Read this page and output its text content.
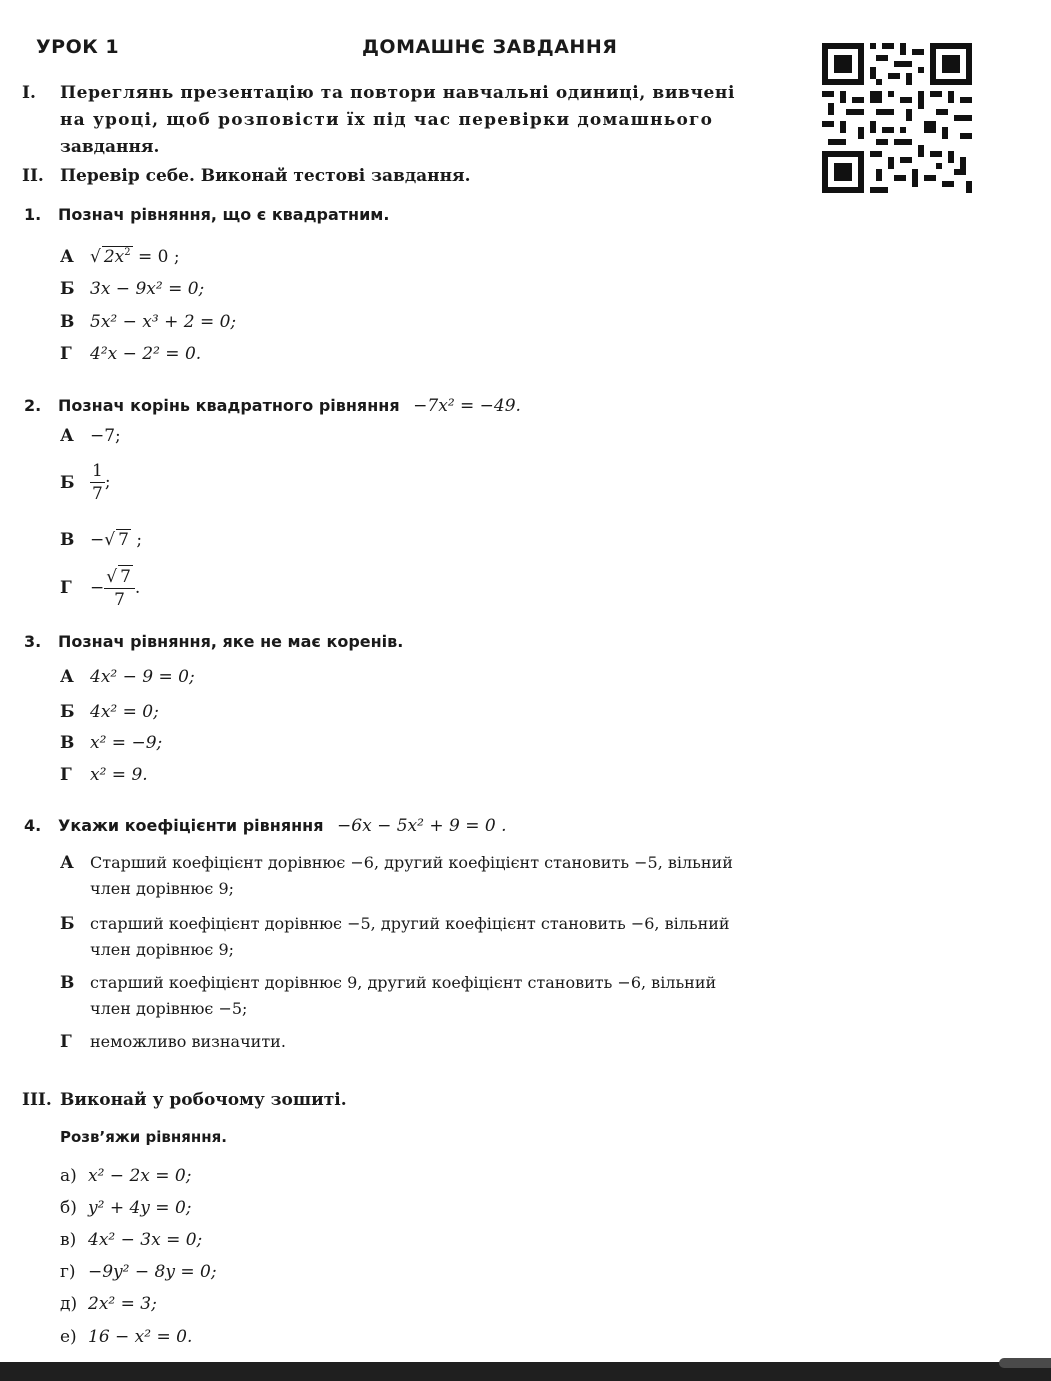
УРОК 1	ДОМАШНЄ ЗАВДАННЯ
I. Переглянь презентацію та повтори навчальні одиниці, вивчені
на уроці, щоб розповісти їх під час перевірки домашнього
завдання.
II. Перевір себе. Виконай тестові завдання.
1. Познач рівняння, що є квадратним.
А √ $2x^2 = 0$ ;
Б 3x − 9x² = 0;
В 5x² − x³ + 2 = 0;
Г 4²x − 2² = 0.
2. Познач корінь квадратного рівняння −7x² = −49.
А −7;
Б $\frac{1}{7}$ ;
В −√ 7 ;
$Г - \frac{√ 7}{7}$ .
3. Познач рівняння, яке не має коренів.
А 4x² − 9 = 0;
Б 4x² = 0;
В x² = −9;
Г x² = 9.
4. Укажи коефіцієнти рівняння −6x − 5x² + 9 = 0 .
А Старший коефіцієнт дорівнює −6, другий коефіцієнт становить −5, вільний
член дорівнює 9;
Б старший коефіцієнт дорівнює −5, другий коефіцієнт становить −6, вільний
член дорівнює 9;
В старший коефіцієнт дорівнює 9, другий коефіцієнт становить −6, вільний
член дорівнює −5;
Г неможливо визначити.
III. Виконай у робочому зошиті.
Розв’яжи рівняння.
а) x² − 2x = 0;
б) y² + 4y = 0;
в) 4x² − 3x = 0;
г) −9y² − 8y = 0;
д) 2x² = 3;
е) 16 − x² = 0.
